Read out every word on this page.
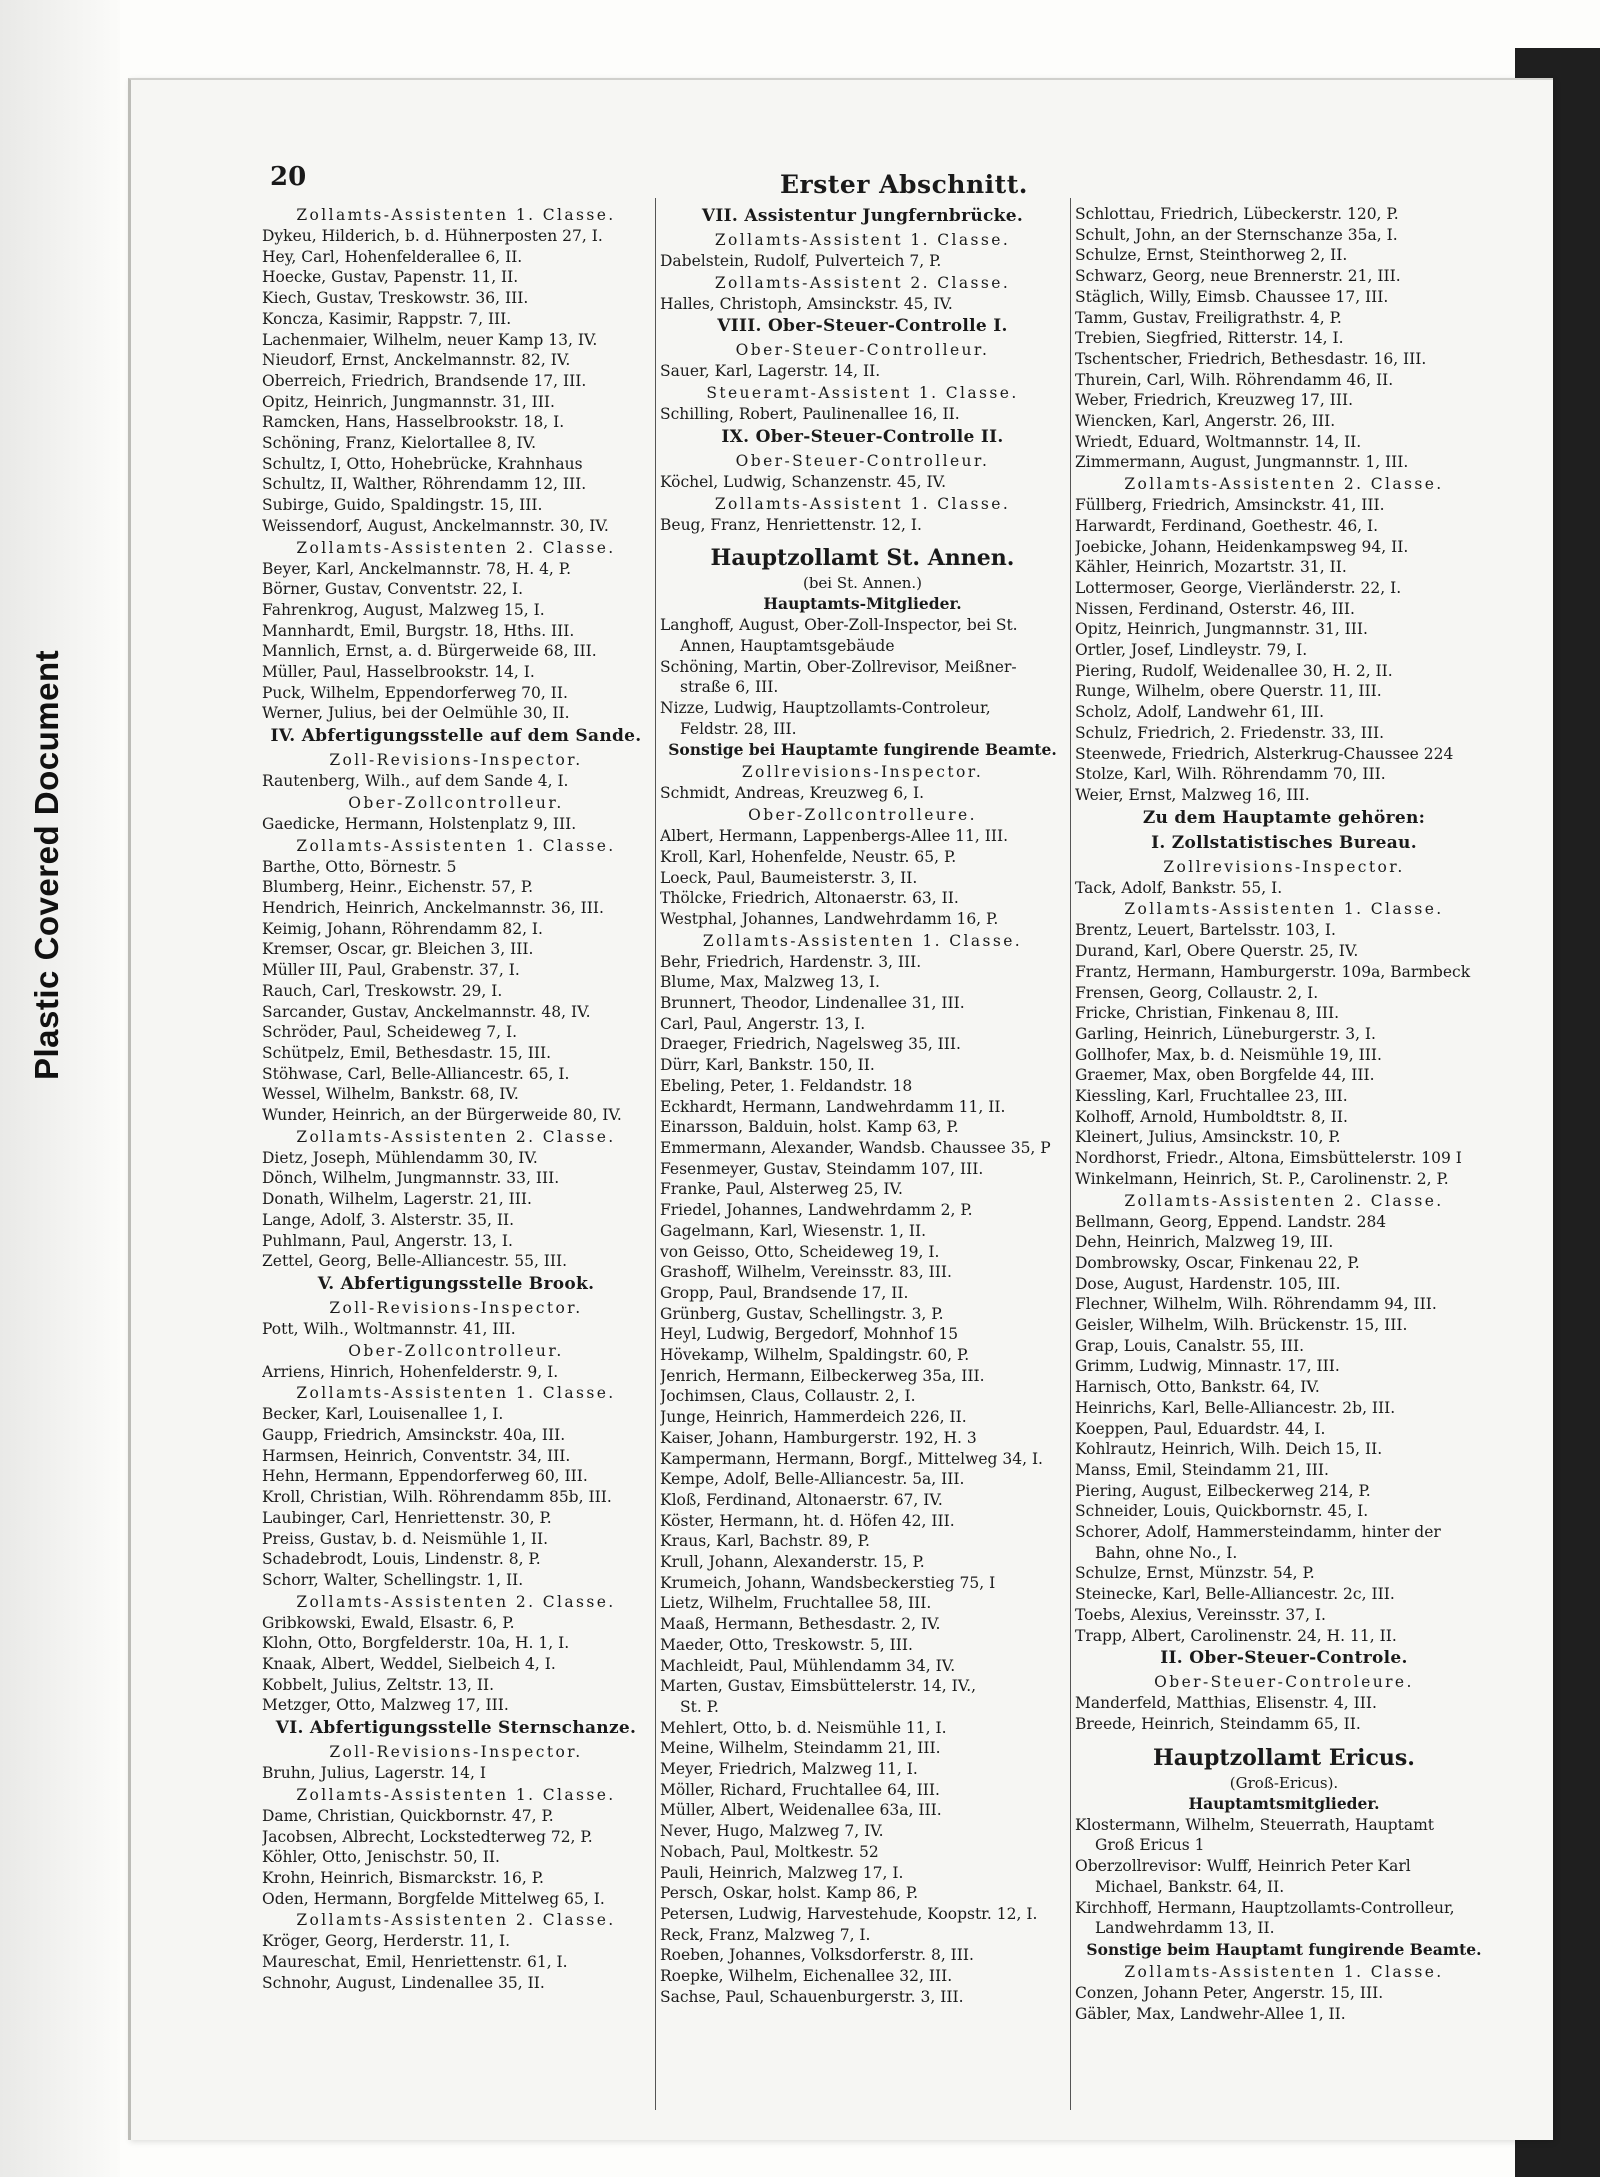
Plastic Covered Document
20	Erster Abschnitt.
Zollamts-Assistenten 1. Classe.
Dykeu, Hilderich, b. d. Hühnerposten 27, I.
Hey, Carl, Hohenfelderallee 6, II.
Hoecke, Gustav, Papenstr. 11, II.
Kiech, Gustav, Treskowstr. 36, III.
Koncza, Kasimir, Rappstr. 7, III.
Lachenmaier, Wilhelm, neuer Kamp 13, IV.
Nieudorf, Ernst, Anckelmannstr. 82, IV.
Oberreich, Friedrich, Brandsende 17, III.
Opitz, Heinrich, Jungmannstr. 31, III.
Ramcken, Hans, Hasselbrookstr. 18, I.
Schöning, Franz, Kielortallee 8, IV.
Schultz, I, Otto, Hohebrücke, Krahnhaus
Schultz, II, Walther, Röhrendamm 12, III.
Subirge, Guido, Spaldingstr. 15, III.
Weissendorf, August, Anckelmannstr. 30, IV.
Zollamts-Assistenten 2. Classe.
Beyer, Karl, Anckelmannstr. 78, H. 4, P.
Börner, Gustav, Conventstr. 22, I.
Fahrenkrog, August, Malzweg 15, I.
Mannhardt, Emil, Burgstr. 18, Hths. III.
Mannlich, Ernst, a. d. Bürgerweide 68, III.
Müller, Paul, Hasselbrookstr. 14, I.
Puck, Wilhelm, Eppendorferweg 70, II.
Werner, Julius, bei der Oelmühle 30, II.
IV. Abfertigungsstelle auf dem Sande.
Zoll-Revisions-Inspector.
Rautenberg, Wilh., auf dem Sande 4, I.
Ober-Zollcontrolleur.
Gaedicke, Hermann, Holstenplatz 9, III.
Zollamts-Assistenten 1. Classe.
Barthe, Otto, Börnestr. 5
Blumberg, Heinr., Eichenstr. 57, P.
Hendrich, Heinrich, Anckelmannstr. 36, III.
Keimig, Johann, Röhrendamm 82, I.
Kremser, Oscar, gr. Bleichen 3, III.
Müller III, Paul, Grabenstr. 37, I.
Rauch, Carl, Treskowstr. 29, I.
Sarcander, Gustav, Anckelmannstr. 48, IV.
Schröder, Paul, Scheideweg 7, I.
Schütpelz, Emil, Bethesdastr. 15, III.
Stöhwase, Carl, Belle-Alliancestr. 65, I.
Wessel, Wilhelm, Bankstr. 68, IV.
Wunder, Heinrich, an der Bürgerweide 80, IV.
Zollamts-Assistenten 2. Classe.
Dietz, Joseph, Mühlendamm 30, IV.
Dönch, Wilhelm, Jungmannstr. 33, III.
Donath, Wilhelm, Lagerstr. 21, III.
Lange, Adolf, 3. Alsterstr. 35, II.
Puhlmann, Paul, Angerstr. 13, I.
Zettel, Georg, Belle-Alliancestr. 55, III.
V. Abfertigungsstelle Brook.
Zoll-Revisions-Inspector.
Pott, Wilh., Woltmannstr. 41, III.
Ober-Zollcontrolleur.
Arriens, Hinrich, Hohenfelderstr. 9, I.
Zollamts-Assistenten 1. Classe.
Becker, Karl, Louisenallee 1, I.
Gaupp, Friedrich, Amsinckstr. 40a, III.
Harmsen, Heinrich, Conventstr. 34, III.
Hehn, Hermann, Eppendorferweg 60, III.
Kroll, Christian, Wilh. Röhrendamm 85b, III.
Laubinger, Carl, Henriettenstr. 30, P.
Preiss, Gustav, b. d. Neismühle 1, II.
Schadebrodt, Louis, Lindenstr. 8, P.
Schorr, Walter, Schellingstr. 1, II.
Zollamts-Assistenten 2. Classe.
Gribkowski, Ewald, Elsastr. 6, P.
Klohn, Otto, Borgfelderstr. 10a, H. 1, I.
Knaak, Albert, Weddel, Sielbeich 4, I.
Kobbelt, Julius, Zeltstr. 13, II.
Metzger, Otto, Malzweg 17, III.
VI. Abfertigungsstelle Sternschanze.
Zoll-Revisions-Inspector.
Bruhn, Julius, Lagerstr. 14, I
Zollamts-Assistenten 1. Classe.
Dame, Christian, Quickbornstr. 47, P.
Jacobsen, Albrecht, Lockstedterweg 72, P.
Köhler, Otto, Jenischstr. 50, II.
Krohn, Heinrich, Bismarckstr. 16, P.
Oden, Hermann, Borgfelde Mittelweg 65, I.
Zollamts-Assistenten 2. Classe.
Kröger, Georg, Herderstr. 11, I.
Maureschat, Emil, Henriettenstr. 61, I.
Schnohr, August, Lindenallee 35, II.
VII. Assistentur Jungfernbrücke.
Zollamts-Assistent 1. Classe.
Dabelstein, Rudolf, Pulverteich 7, P.
Zollamts-Assistent 2. Classe.
Halles, Christoph, Amsinckstr. 45, IV.
VIII. Ober-Steuer-Controlle I.
Ober-Steuer-Controlleur.
Sauer, Karl, Lagerstr. 14, II.
Steueramt-Assistent 1. Classe.
Schilling, Robert, Paulinenallee 16, II.
IX. Ober-Steuer-Controlle II.
Ober-Steuer-Controlleur.
Köchel, Ludwig, Schanzenstr. 45, IV.
Zollamts-Assistent 1. Classe.
Beug, Franz, Henriettenstr. 12, I.
Hauptzollamt St. Annen.
(bei St. Annen.)
Hauptamts-Mitglieder.
Langhoff, August, Ober-Zoll-Inspector, bei St.
Annen, Hauptamtsgebäude
Schöning, Martin, Ober-Zollrevisor, Meißner-
straße 6, III.
Nizze, Ludwig, Hauptzollamts-Controleur,
Feldstr. 28, III.
Sonstige bei Hauptamte fungirende Beamte.
Zollrevisions-Inspector.
Schmidt, Andreas, Kreuzweg 6, I.
Ober-Zollcontrolleure.
Albert, Hermann, Lappenbergs-Allee 11, III.
Kroll, Karl, Hohenfelde, Neustr. 65, P.
Loeck, Paul, Baumeisterstr. 3, II.
Thölcke, Friedrich, Altonaerstr. 63, II.
Westphal, Johannes, Landwehrdamm 16, P.
Zollamts-Assistenten 1. Classe.
Behr, Friedrich, Hardenstr. 3, III.
Blume, Max, Malzweg 13, I.
Brunnert, Theodor, Lindenallee 31, III.
Carl, Paul, Angerstr. 13, I.
Draeger, Friedrich, Nagelsweg 35, III.
Dürr, Karl, Bankstr. 150, II.
Ebeling, Peter, 1. Feldandstr. 18
Eckhardt, Hermann, Landwehrdamm 11, II.
Einarsson, Balduin, holst. Kamp 63, P.
Emmermann, Alexander, Wandsb. Chaussee 35, P
Fesenmeyer, Gustav, Steindamm 107, III.
Franke, Paul, Alsterweg 25, IV.
Friedel, Johannes, Landwehrdamm 2, P.
Gagelmann, Karl, Wiesenstr. 1, II.
von Geisso, Otto, Scheideweg 19, I.
Grashoff, Wilhelm, Vereinsstr. 83, III.
Gropp, Paul, Brandsende 17, II.
Grünberg, Gustav, Schellingstr. 3, P.
Heyl, Ludwig, Bergedorf, Mohnhof 15
Hövekamp, Wilhelm, Spaldingstr. 60, P.
Jenrich, Hermann, Eilbeckerweg 35a, III.
Jochimsen, Claus, Collaustr. 2, I.
Junge, Heinrich, Hammerdeich 226, II.
Kaiser, Johann, Hamburgerstr. 192, H. 3
Kampermann, Hermann, Borgf., Mittelweg 34, I.
Kempe, Adolf, Belle-Alliancestr. 5a, III.
Kloß, Ferdinand, Altonaerstr. 67, IV.
Köster, Hermann, ht. d. Höfen 42, III.
Kraus, Karl, Bachstr. 89, P.
Krull, Johann, Alexanderstr. 15, P.
Krumeich, Johann, Wandsbeckerstieg 75, I
Lietz, Wilhelm, Fruchtallee 58, III.
Maaß, Hermann, Bethesdastr. 2, IV.
Maeder, Otto, Treskowstr. 5, III.
Machleidt, Paul, Mühlendamm 34, IV.
Marten, Gustav, Eimsbüttelerstr. 14, IV.,
St. P.
Mehlert, Otto, b. d. Neismühle 11, I.
Meine, Wilhelm, Steindamm 21, III.
Meyer, Friedrich, Malzweg 11, I.
Möller, Richard, Fruchtallee 64, III.
Müller, Albert, Weidenallee 63a, III.
Never, Hugo, Malzweg 7, IV.
Nobach, Paul, Moltkestr. 52
Pauli, Heinrich, Malzweg 17, I.
Persch, Oskar, holst. Kamp 86, P.
Petersen, Ludwig, Harvestehude, Koopstr. 12, I.
Reck, Franz, Malzweg 7, I.
Roeben, Johannes, Volksdorferstr. 8, III.
Roepke, Wilhelm, Eichenallee 32, III.
Sachse, Paul, Schauenburgerstr. 3, III.
Schlottau, Friedrich, Lübeckerstr. 120, P.
Schult, John, an der Sternschanze 35a, I.
Schulze, Ernst, Steinthorweg 2, II.
Schwarz, Georg, neue Brennerstr. 21, III.
Stäglich, Willy, Eimsb. Chaussee 17, III.
Tamm, Gustav, Freiligrathstr. 4, P.
Trebien, Siegfried, Ritterstr. 14, I.
Tschentscher, Friedrich, Bethesdastr. 16, III.
Thurein, Carl, Wilh. Röhrendamm 46, II.
Weber, Friedrich, Kreuzweg 17, III.
Wiencken, Karl, Angerstr. 26, III.
Wriedt, Eduard, Woltmannstr. 14, II.
Zimmermann, August, Jungmannstr. 1, III.
Zollamts-Assistenten 2. Classe.
Füllberg, Friedrich, Amsinckstr. 41, III.
Harwardt, Ferdinand, Goethestr. 46, I.
Joebicke, Johann, Heidenkampsweg 94, II.
Kähler, Heinrich, Mozartstr. 31, II.
Lottermoser, George, Vierländerstr. 22, I.
Nissen, Ferdinand, Osterstr. 46, III.
Opitz, Heinrich, Jungmannstr. 31, III.
Ortler, Josef, Lindleystr. 79, I.
Piering, Rudolf, Weidenallee 30, H. 2, II.
Runge, Wilhelm, obere Querstr. 11, III.
Scholz, Adolf, Landwehr 61, III.
Schulz, Friedrich, 2. Friedenstr. 33, III.
Steenwede, Friedrich, Alsterkrug-Chaussee 224
Stolze, Karl, Wilh. Röhrendamm 70, III.
Weier, Ernst, Malzweg 16, III.
Zu dem Hauptamte gehören:
I. Zollstatistisches Bureau.
Zollrevisions-Inspector.
Tack, Adolf, Bankstr. 55, I.
Zollamts-Assistenten 1. Classe.
Brentz, Leuert, Bartelsstr. 103, I.
Durand, Karl, Obere Querstr. 25, IV.
Frantz, Hermann, Hamburgerstr. 109a, Barmbeck
Frensen, Georg, Collaustr. 2, I.
Fricke, Christian, Finkenau 8, III.
Garling, Heinrich, Lüneburgerstr. 3, I.
Gollhofer, Max, b. d. Neismühle 19, III.
Graemer, Max, oben Borgfelde 44, III.
Kiessling, Karl, Fruchtallee 23, III.
Kolhoff, Arnold, Humboldtstr. 8, II.
Kleinert, Julius, Amsinckstr. 10, P.
Nordhorst, Friedr., Altona, Eimsbüttelerstr. 109 I
Winkelmann, Heinrich, St. P., Carolinenstr. 2, P.
Zollamts-Assistenten 2. Classe.
Bellmann, Georg, Eppend. Landstr. 284
Dehn, Heinrich, Malzweg 19, III.
Dombrowsky, Oscar, Finkenau 22, P.
Dose, August, Hardenstr. 105, III.
Flechner, Wilhelm, Wilh. Röhrendamm 94, III.
Geisler, Wilhelm, Wilh. Brückenstr. 15, III.
Grap, Louis, Canalstr. 55, III.
Grimm, Ludwig, Minnastr. 17, III.
Harnisch, Otto, Bankstr. 64, IV.
Heinrichs, Karl, Belle-Alliancestr. 2b, III.
Koeppen, Paul, Eduardstr. 44, I.
Kohlrautz, Heinrich, Wilh. Deich 15, II.
Manss, Emil, Steindamm 21, III.
Piering, August, Eilbeckerweg 214, P.
Schneider, Louis, Quickbornstr. 45, I.
Schorer, Adolf, Hammersteindamm, hinter der
Bahn, ohne No., I.
Schulze, Ernst, Münzstr. 54, P.
Steinecke, Karl, Belle-Alliancestr. 2c, III.
Toebs, Alexius, Vereinsstr. 37, I.
Trapp, Albert, Carolinenstr. 24, H. 11, II.
II. Ober-Steuer-Controle.
Ober-Steuer-Controleure.
Manderfeld, Matthias, Elisenstr. 4, III.
Breede, Heinrich, Steindamm 65, II.
Hauptzollamt Ericus.
(Groß-Ericus).
Hauptamtsmitglieder.
Klostermann, Wilhelm, Steuerrath, Hauptamt
Groß Ericus 1
Oberzollrevisor: Wulff, Heinrich Peter Karl
Michael, Bankstr. 64, II.
Kirchhoff, Hermann, Hauptzollamts-Controlleur,
Landwehrdamm 13, II.
Sonstige beim Hauptamt fungirende Beamte.
Zollamts-Assistenten 1. Classe.
Conzen, Johann Peter, Angerstr. 15, III.
Gäbler, Max, Landwehr-Allee 1, II.
